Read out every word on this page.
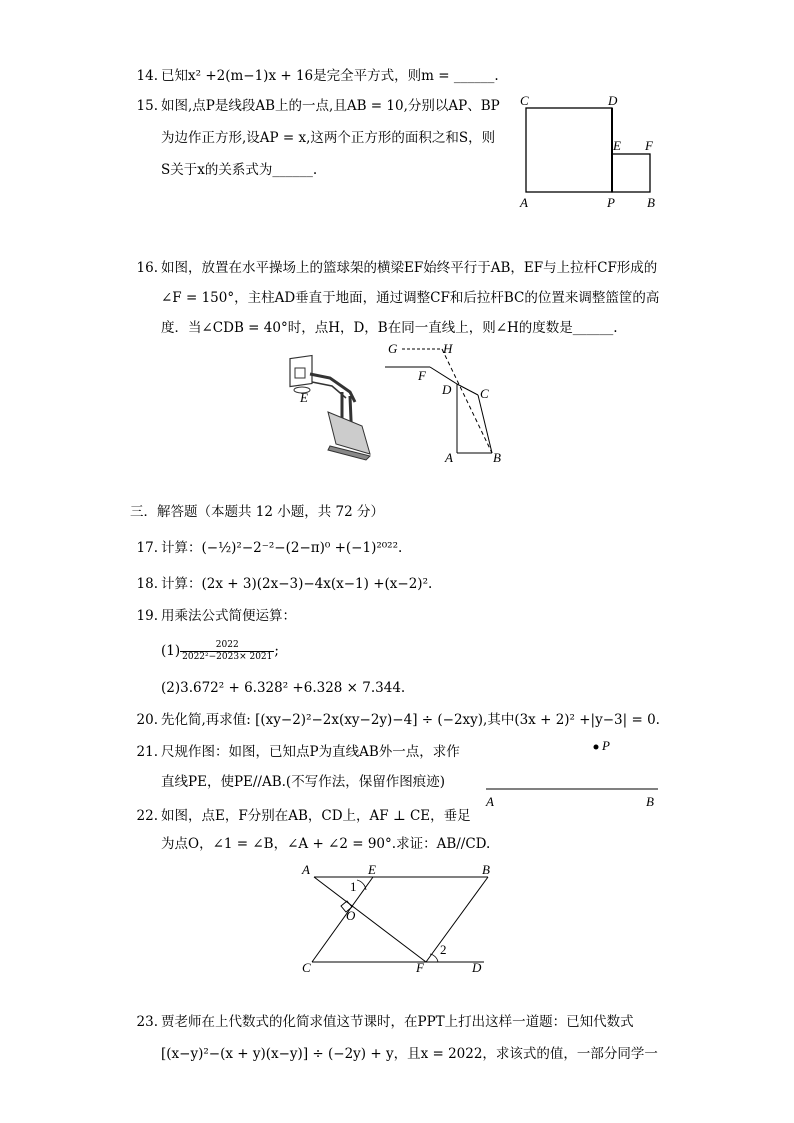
14. 已知x² +2(m−1)x + 16是完全平方式，则m = ______.
15. 如图,点P是线段AB上的一点,且AB = 10,分别以AP、BP
为边作正方形,设AP = x,这两个正方形的面积之和S，则
S关于x的关系式为______.
C	D
E F
A	P B
16. 如图，放置在水平操场上的篮球架的横梁EF始终平行于AB，EF与上拉杆CF形成的
∠F = 150°，主柱AD垂直于地面，通过调整CF和后拉杆BC的位置来调整篮筐的高
度．当∠CDB = 40°时，点H，D，B在同一直线上，则∠H的度数是______.
E
G	H
F
D C
A	B
三．解答题（本题共 12 小题，共 72 分）
17. 计算：(−½)²−2⁻²−(2−π)⁰ +(−1)²⁰²².
18. 计算：(2x + 3)(2x−3)−4x(x−1) +(x−2)².
19. 用乘法公式简便运算：
$(1) \frac{2022}{\text{2022²−2023× 2021}}$ ;
(2)3.672² + 6.328² +6.328 × 7.344.
20. 先化简,再求值: [(xy−2)²−2x(xy−2y)−4] ÷ (−2xy),其中(3x + 2)² +|y−3| = 0.
21. 尺规作图：如图，已知点P为直线AB外一点，求作
直线PE，使PE//AB.(不写作法，保留作图痕迹)
P
A	B
22. 如图，点E，F分别在AB，CD上，AF ⊥ CE，垂足
为点O，∠1 = ∠B，∠A + ∠2 = 90°.求证：AB//CD.
A	E	B
1
O
C	F	D
2
23. 贾老师在上代数式的化简求值这节课时，在PPT上打出这样一道题：已知代数式
[(x−y)²−(x + y)(x−y)] ÷ (−2y) + y，且x = 2022，求该式的值，一部分同学一
